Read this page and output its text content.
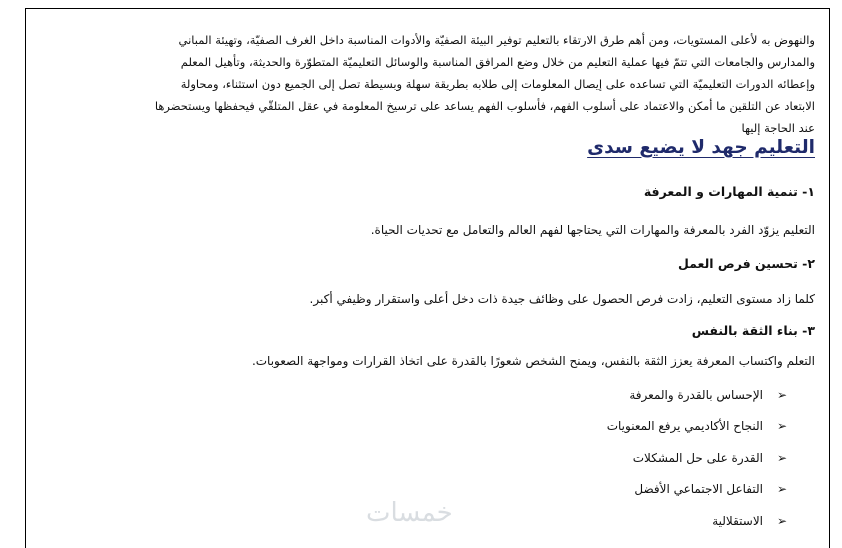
والنهوض به لأعلى المستويات، ومن أهم طرق الارتقاء بالتعليم توفير البيئة الصفيّة والأدوات المناسبة داخل الغرف الصفيّة، وتهيئة المباني
والمدارس والجامعات التي تتمّ فيها عملية التعليم من خلال وضع المرافق المناسبة والوسائل التعليميّة المتطوّرة والحديثة، وتأهيل المعلم
وإعطائه الدورات التعليميّة التي تساعده على إيصال المعلومات إلى طلابه بطريقة سهلة وبسيطة تصل إلى الجميع دون استثناء، ومحاولة
الابتعاد عن التلقين ما أمكن والاعتماد على أسلوب الفهم، فأسلوب الفهم يساعد على ترسيخ المعلومة في عقل المتلقّي فيحفظها ويستحضرها
عند الحاجة إليها
التعليم جهد لا يضيع سدى
١- تنمية المهارات و المعرفة
التعليم يزوّد الفرد بالمعرفة والمهارات التي يحتاجها لفهم العالم والتعامل مع تحديات الحياة.
٢- تحسين فرص العمل
كلما زاد مستوى التعليم، زادت فرص الحصول على وظائف جيدة ذات دخل أعلى واستقرار وظيفي أكبر.
٣- بناء الثقة بالنفس
التعلم واكتساب المعرفة يعزز الثقة بالنفس، ويمنح الشخص شعورًا بالقدرة على اتخاذ القرارات ومواجهة الصعوبات.
➢
الإحساس بالقدرة والمعرفة
➢
النجاح الأكاديمي يرفع المعنويات
➢
القدرة على حل المشكلات
➢
التفاعل الاجتماعي الأفضل
➢
الاستقلالية
خمسات
